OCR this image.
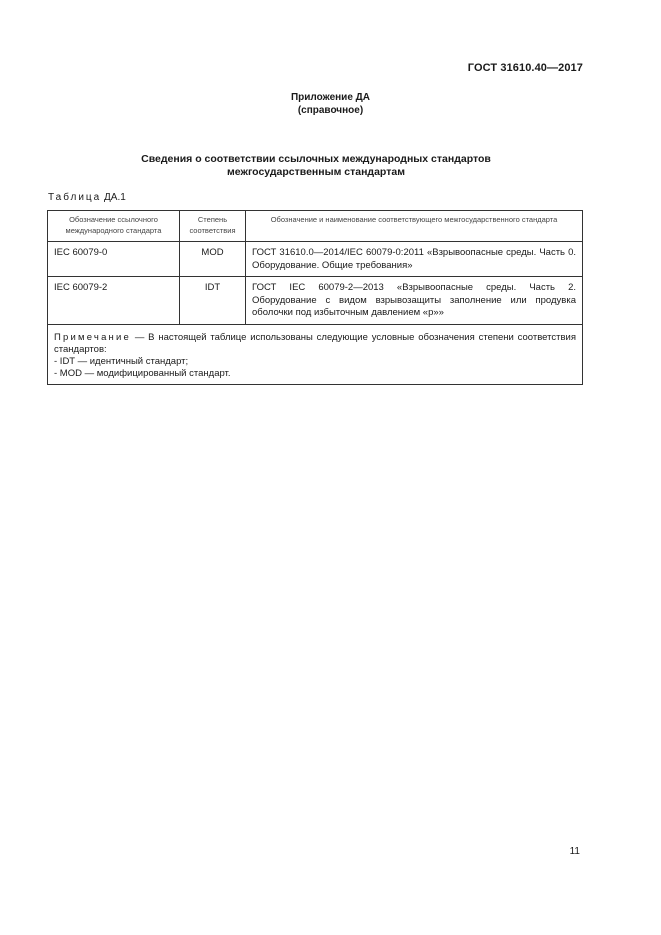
ГОСТ 31610.40—2017
Приложение ДА
(справочное)
Сведения о соответствии ссылочных международных стандартов
межгосударственным стандартам
Таблица ДА.1
Обозначение ссылочного международного стандарта	Степень соответствия	Обозначение и наименование соответствующего межгосударственного стандарта
IEC 60079-0	MOD	ГОСТ 31610.0—2014/IEC 60079-0:2011 «Взрывоопасные среды. Часть 0. Оборудование. Общие требования»
IEC 60079-2	IDT	ГОСТ IEC 60079-2—2013 «Взрывоопасные среды. Часть 2. Оборудование с видом взрывозащиты заполнение или продувка оболочки под избыточным давлением «р»»
Примечание — В настоящей таблице использованы следующие условные обозначения степени соответствия стандартов:
- IDT — идентичный стандарт;
- MOD — модифицированный стандарт.		
11
